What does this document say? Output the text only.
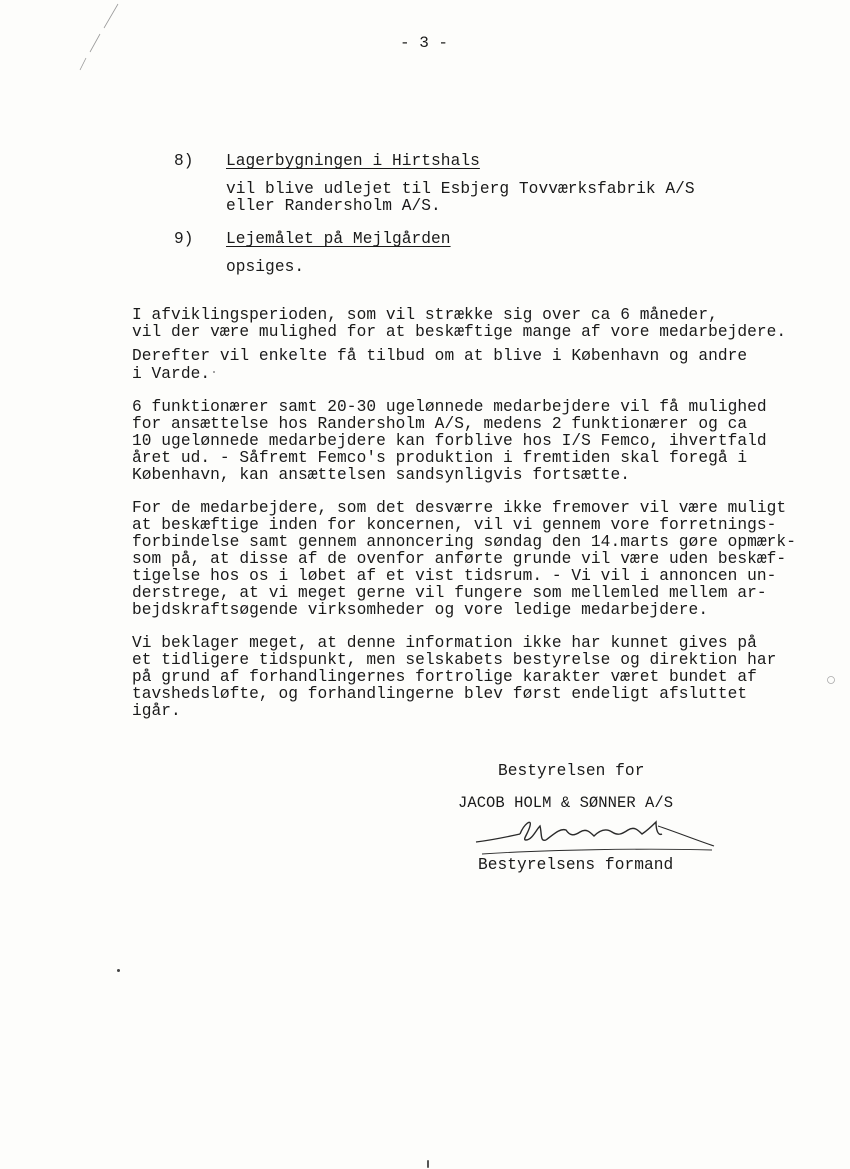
- 3 -
8) Lagerbygningen i Hirtshals
vil blive udlejet til Esbjerg Tovværksfabrik A/S
eller Randersholm A/S.
9) Lejemålet på Mejlgården
opsiges.
I afviklingsperioden, som vil strække sig over ca 6 måneder,
vil der være mulighed for at beskæftige mange af vore medarbejdere.
Derefter vil enkelte få tilbud om at blive i København og andre
i Varde.
6 funktionærer samt 20-30 ugelønnede medarbejdere vil få mulighed
for ansættelse hos Randersholm A/S, medens 2 funktionærer og ca
10 ugelønnede medarbejdere kan forblive hos I/S Femco, ihvertfald
året ud. - Såfremt Femco's produktion i fremtiden skal foregå i
København, kan ansættelsen sandsynligvis fortsætte.
For de medarbejdere, som det desværre ikke fremover vil være muligt
at beskæftige inden for koncernen, vil vi gennem vore forretnings-
forbindelse samt gennem annoncering søndag den 14.marts gøre opmærk-
som på, at disse af de ovenfor anførte grunde vil være uden beskæf-
tigelse hos os i løbet af et vist tidsrum. - Vi vil i annoncen un-
derstrege, at vi meget gerne vil fungere som mellemled mellem ar-
bejdskraftsøgende virksomheder og vore ledige medarbejdere.
Vi beklager meget, at denne information ikke har kunnet gives på
et tidligere tidspunkt, men selskabets bestyrelse og direktion har
på grund af forhandlingernes fortrolige karakter været bundet af
tavshedsløfte, og forhandlingerne blev først endeligt afsluttet
igår.
Bestyrelsen for
JACOB HOLM & SØNNER A/S
Bestyrelsens formand
